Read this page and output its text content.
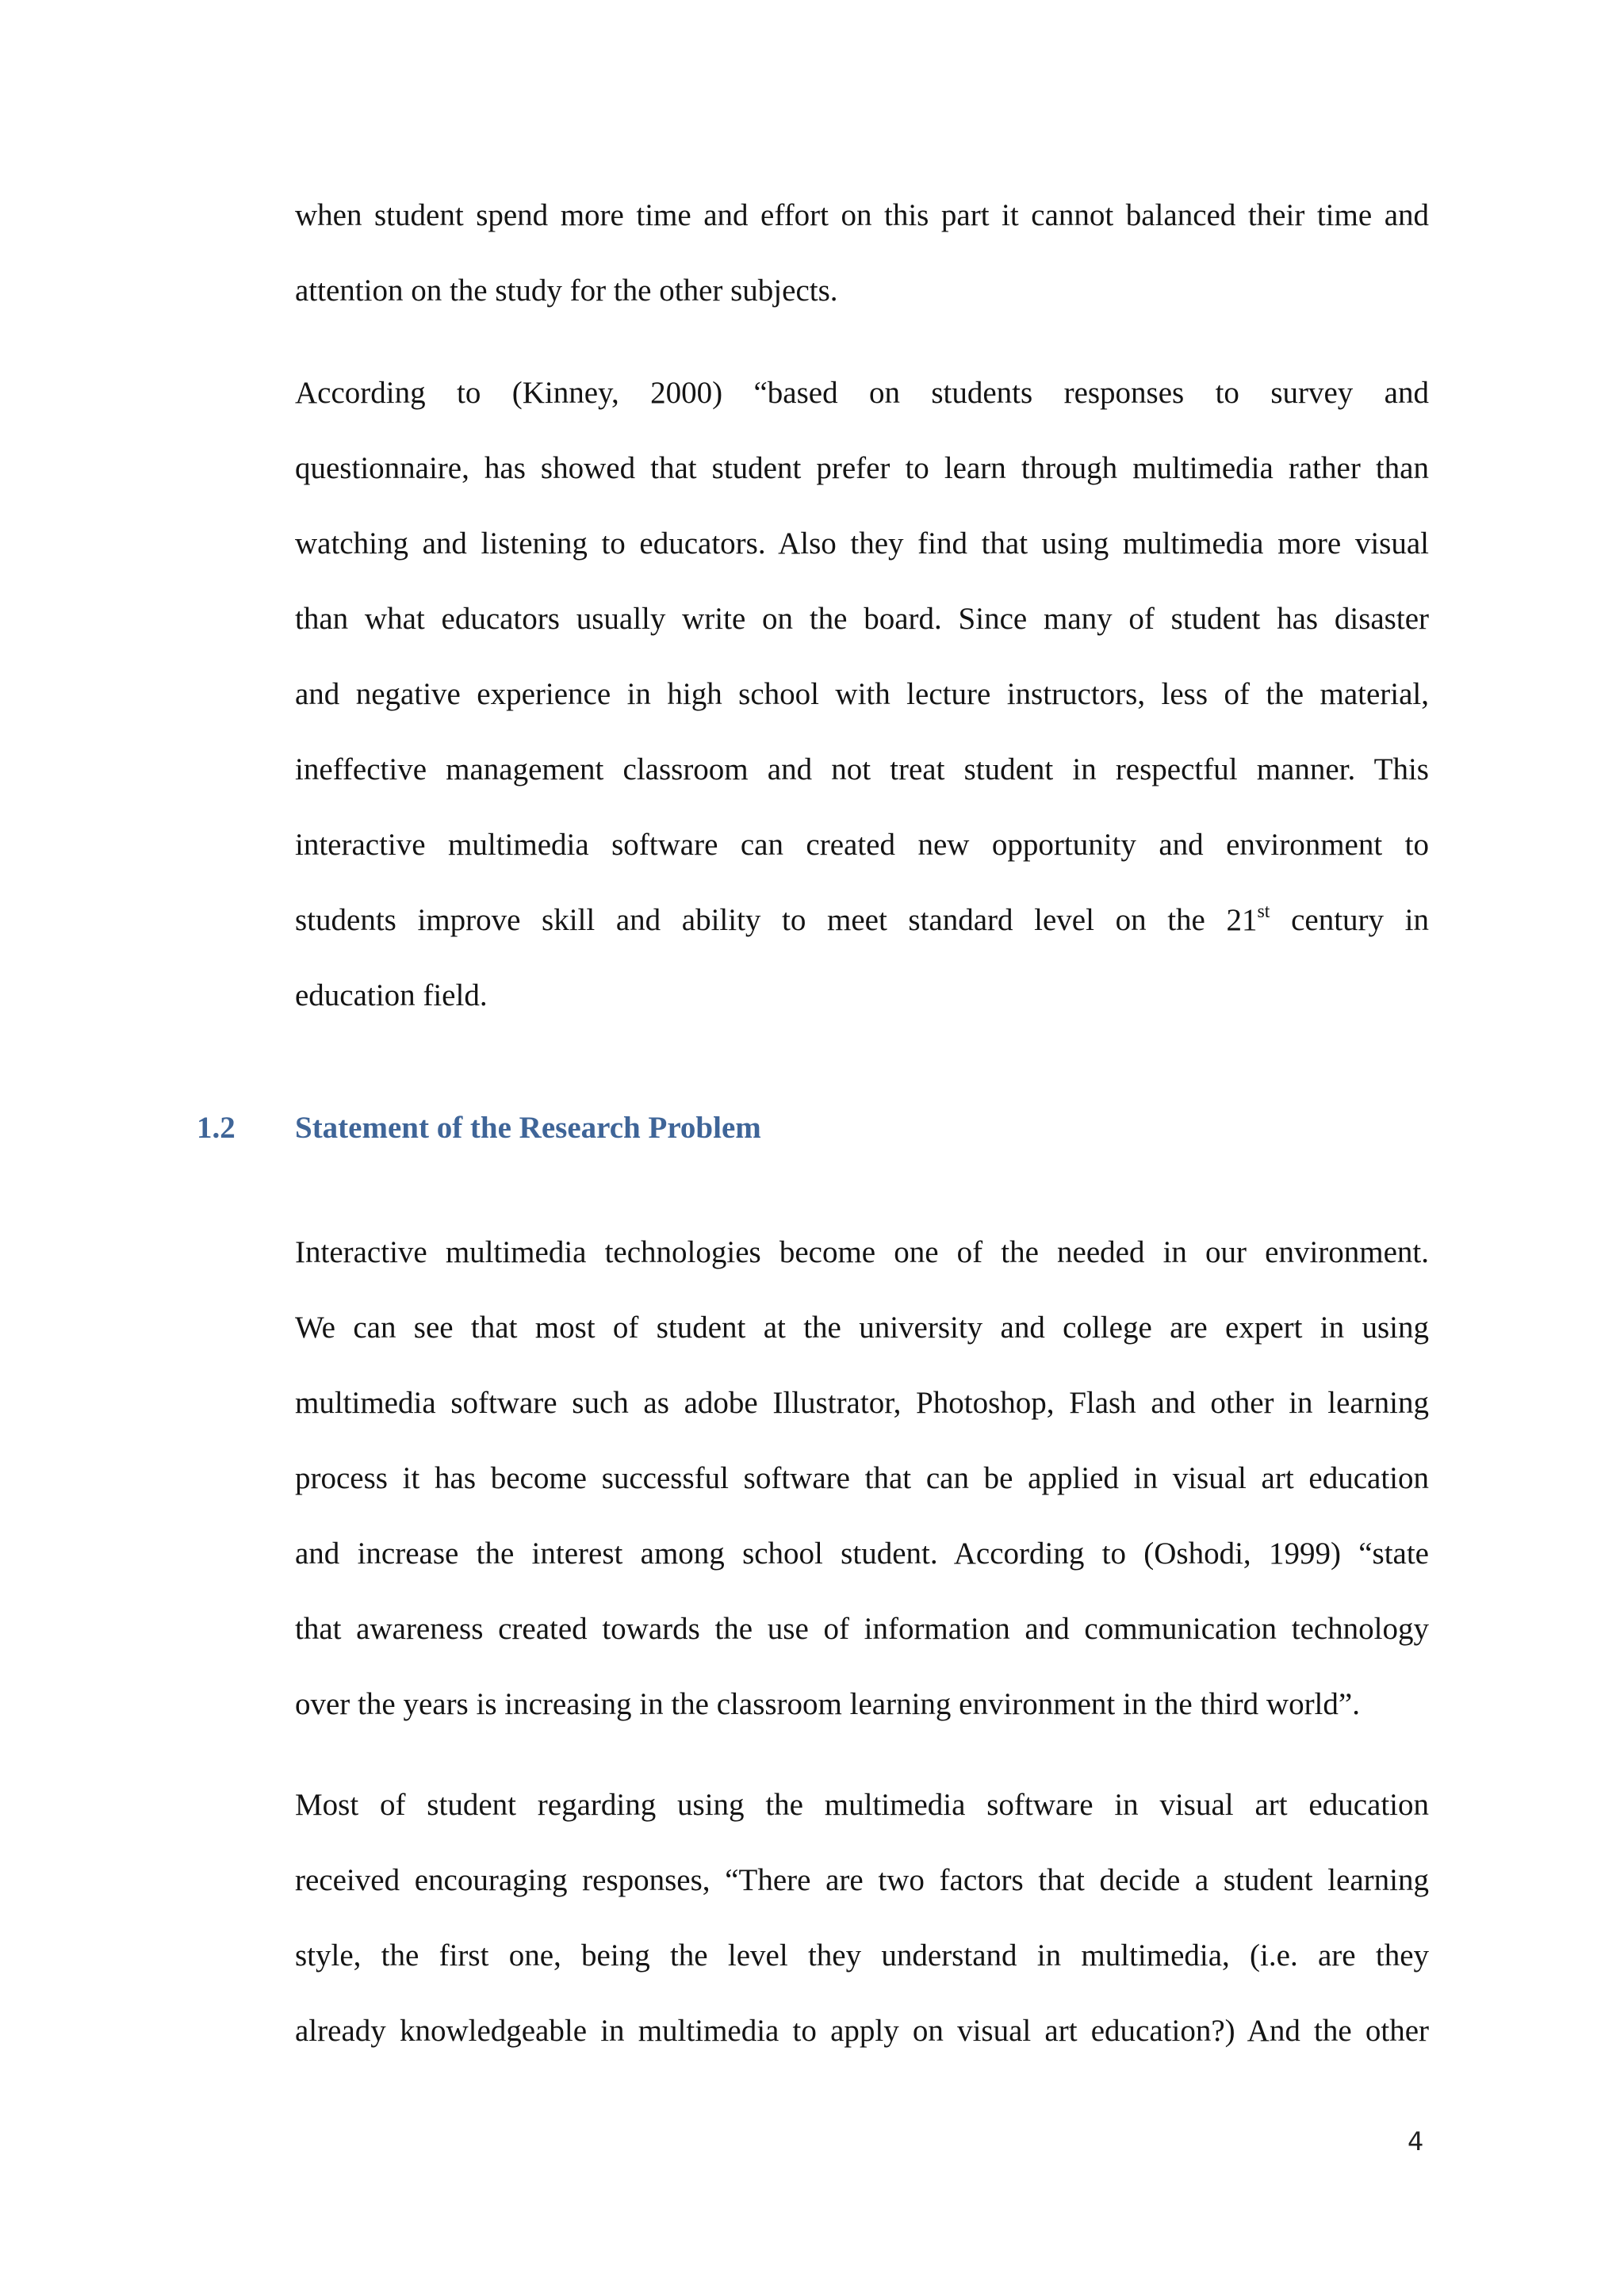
when student spend more time and effort on this part it cannot balanced their time and
attention on the study for the other subjects.

According to (Kinney, 2000) “based on students responses to survey and
questionnaire, has showed that student prefer to learn through multimedia rather than
watching and listening to educators. Also they find that using multimedia more visual
than what educators usually write on the board. Since many of student has disaster
and negative experience in high school with lecture instructors, less of the material,
ineffective management classroom and not treat student in respectful manner. This
interactive multimedia software can created new opportunity and environment to
students improve skill and ability to meet standard level on the 21st century in
education field.

1.2 Statement of the Research Problem

Interactive multimedia technologies become one of the needed in our environment.
We can see that most of student at the university and college are expert in using
multimedia software such as adobe Illustrator, Photoshop, Flash and other in learning
process it has become successful software that can be applied in visual art education
and increase the interest among school student. According to (Oshodi, 1999) “state
that awareness created towards the use of information and communication technology
over the years is increasing in the classroom learning environment in the third world”.

Most of student regarding using the multimedia software in visual art education
received encouraging responses, “There are two factors that decide a student learning
style, the first one, being the level they understand in multimedia, (i.e. are they
already knowledgeable in multimedia to apply on visual art education?) And the other

4
